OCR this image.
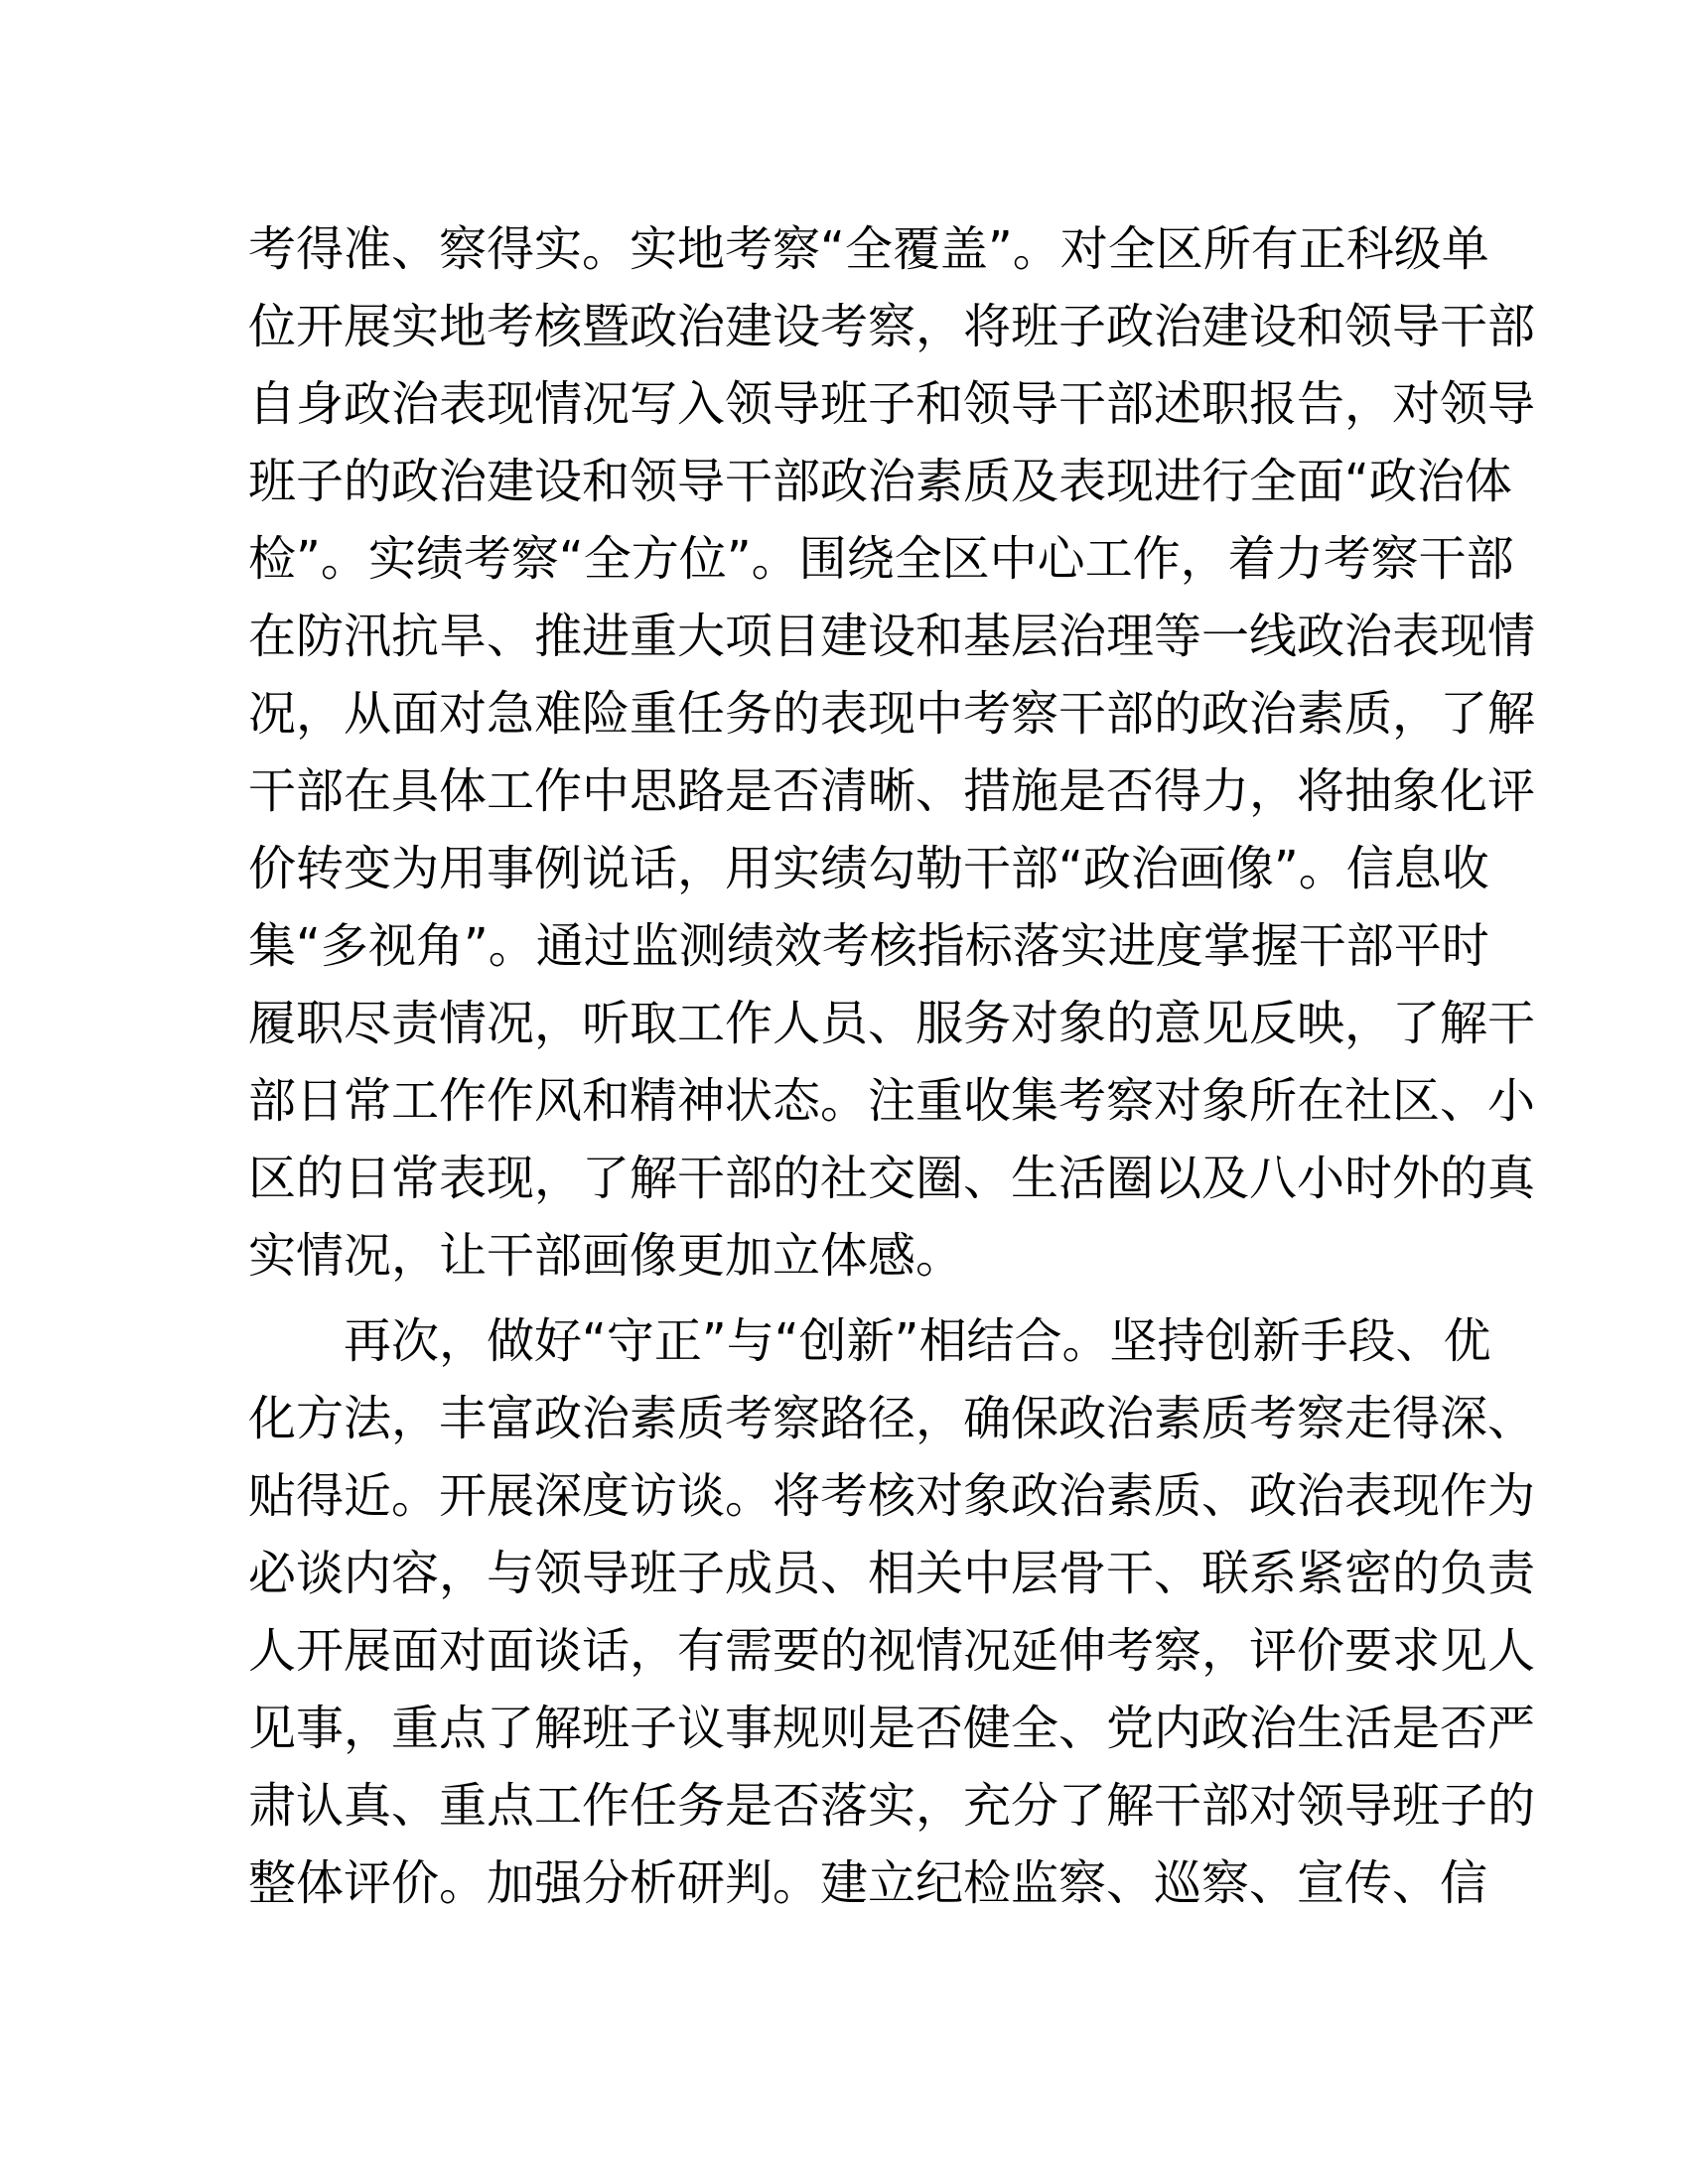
考得准、察得实。实地考察“全覆盖”。对全区所有正科级单
位开展实地考核暨政治建设考察，将班子政治建设和领导干部
自身政治表现情况写入领导班子和领导干部述职报告，对领导
班子的政治建设和领导干部政治素质及表现进行全面“政治体
检”。实绩考察“全方位”。围绕全区中心工作，着力考察干部
在防汛抗旱、推进重大项目建设和基层治理等一线政治表现情
况，从面对急难险重任务的表现中考察干部的政治素质，了解
干部在具体工作中思路是否清晰、措施是否得力，将抽象化评
价转变为用事例说话，用实绩勾勒干部“政治画像”。信息收
集“多视角”。通过监测绩效考核指标落实进度掌握干部平时
履职尽责情况，听取工作人员、服务对象的意见反映，了解干
部日常工作作风和精神状态。注重收集考察对象所在社区、小
区的日常表现，了解干部的社交圈、生活圈以及八小时外的真
实情况，让干部画像更加立体感。
再次，做好“守正”与“创新”相结合。坚持创新手段、优
化方法，丰富政治素质考察路径，确保政治素质考察走得深、
贴得近。开展深度访谈。将考核对象政治素质、政治表现作为
必谈内容，与领导班子成员、相关中层骨干、联系紧密的负责
人开展面对面谈话，有需要的视情况延伸考察，评价要求见人
见事，重点了解班子议事规则是否健全、党内政治生活是否严
肃认真、重点工作任务是否落实，充分了解干部对领导班子的
整体评价。加强分析研判。建立纪检监察、巡察、宣传、信
